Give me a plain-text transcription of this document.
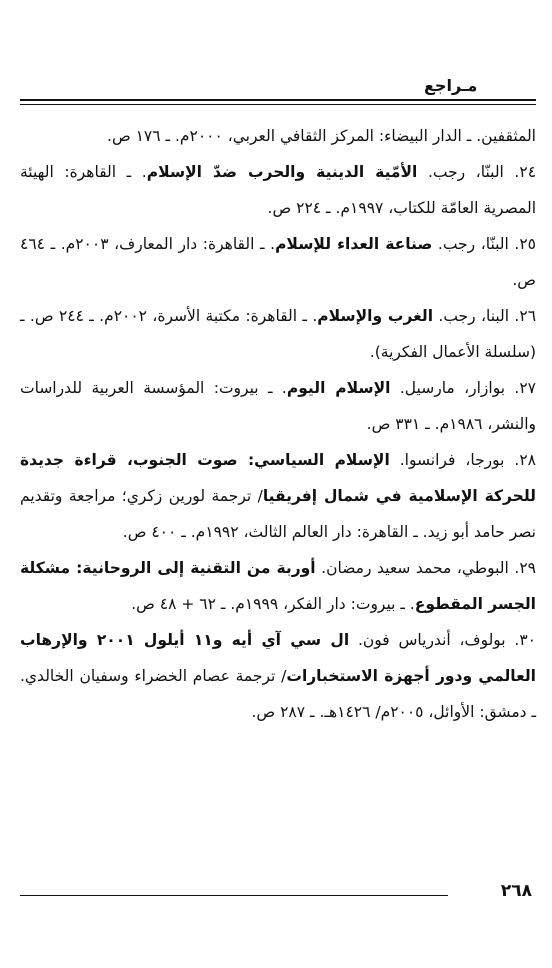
مـراجع

المثقفين. ـ الدار البيضاء: المركز الثقافي العربي، ٢٠٠٠م. ـ ١٧٦ ص.

٢٤. البنّا، رجب. الأمّية الدينية والحرب ضدّ الإسلام. ـ القاهرة: الهيئة المصرية العامّة للكتاب، ١٩٩٧م. ـ ٢٢٤ ص.

٢٥. البنّا، رجب. صناعة العداء للإسلام. ـ القاهرة: دار المعارف، ٢٠٠٣م. ـ ٤٦٤ ص.

٢٦. البنا، رجب. الغرب والإسلام. ـ القاهرة: مكتبة الأسرة، ٢٠٠٢م. ـ ٢٤٤ ص. ـ (سلسلة الأعمال الفكرية).

٢٧. بوازار، مارسيل. الإسلام اليوم. ـ بيروت: المؤسسة العربية للدراسات والنشر، ١٩٨٦م. ـ ٣٣١ ص.

٢٨. بورجا، فرانسوا. الإسلام السياسي: صوت الجنوب، قراءة جديدة للحركة الإسلامية في شمال إفريقيا/ ترجمة لورين زكري؛ مراجعة وتقديم نصر حامد أبو زيد. ـ القاهرة: دار العالم الثالث، ١٩٩٢م. ـ ٤٠٠ ص.

٢٩. البوطي، محمد سعيد رمضان. أوربة من التقنية إلى الروحانية: مشكلة الجسر المقطوع. ـ بيروت: دار الفكر، ١٩٩٩م. ـ ٦٢ + ٤٨ ص.

٣٠. بولوف، أندرياس فون. ال سي آي أيه و١١ أيلول ٢٠٠١ والإرهاب العالمي ودور أجهزة الاستخبارات/ ترجمة عصام الخضراء وسفيان الخالدي. ـ دمشق: الأوائل، ٢٠٠٥م/ ١٤٢٦هـ. ـ ٢٨٧ ص.

٢٦٨
